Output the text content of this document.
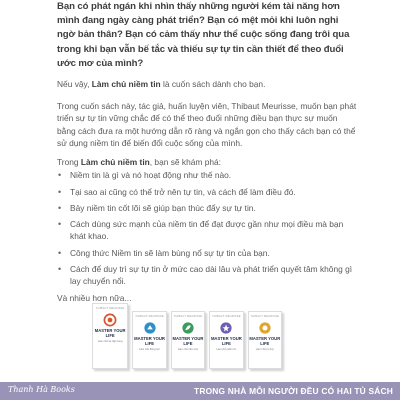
Bạn có phát ngán khi nhìn thấy những người kém tài năng hơn mình đang ngày càng phát triển? Bạn có mệt mỏi khi luôn nghi ngờ bản thân? Bạn có cảm thấy như thể cuộc sống đang trôi qua trong khi bạn vẫn bế tắc và thiếu sự tự tin cần thiết để theo đuổi ước mơ của mình?

Nếu vậy, Làm chủ niềm tin là cuốn sách dành cho bạn.

Trong cuốn sách này, tác giả, huấn luyện viên, Thibaut Meurisse, muốn bạn phát triển sự tự tin vững chắc để có thể theo đuổi những điều bạn thực sự muốn bằng cách đưa ra một hướng dẫn rõ ràng và ngắn gọn cho thấy cách bạn có thể sử dụng niềm tin để biến đổi cuộc sống của mình.

Trong Làm chủ niềm tin, bạn sẽ khám phá:

• Niềm tin là gì và nó hoạt động như thế nào.
• Tại sao ai cũng có thể trở nên tự tin, và cách để làm điều đó.
• Bảy niềm tin cốt lõi sẽ giúp bạn thúc đẩy sự tự tin.
• Cách dùng sức mạnh của niềm tin để đạt được gần như mọi điều mà bạn khát khao.
• Công thức Niềm tin sẽ làm bùng nổ sự tự tin của bạn.
• Cách để duy trì sự tự tin ở mức cao dài lâu và phát triển quyết tâm không gì lay chuyển nổi.

Và nhiều hơn nữa...

THIBAUT MEURISSE
MASTER YOUR LIFE
Làm chủ sự tập trung
THIBAUT MEURISSE
MASTER YOUR LIFE
Làm chủ động lực
THIBAUT MEURISSE
MASTER YOUR LIFE
Làm chủ cảm xúc
THIBAUT MEURISSE
MASTER YOUR LIFE
Làm chủ niềm tin
THIBAUT MEURISSE
MASTER YOUR LIFE
Làm chủ tư duy
Thanh Hà Books	TRONG NHÀ MỖI NGƯỜI ĐỀU CÓ HAI TỦ SÁCH
